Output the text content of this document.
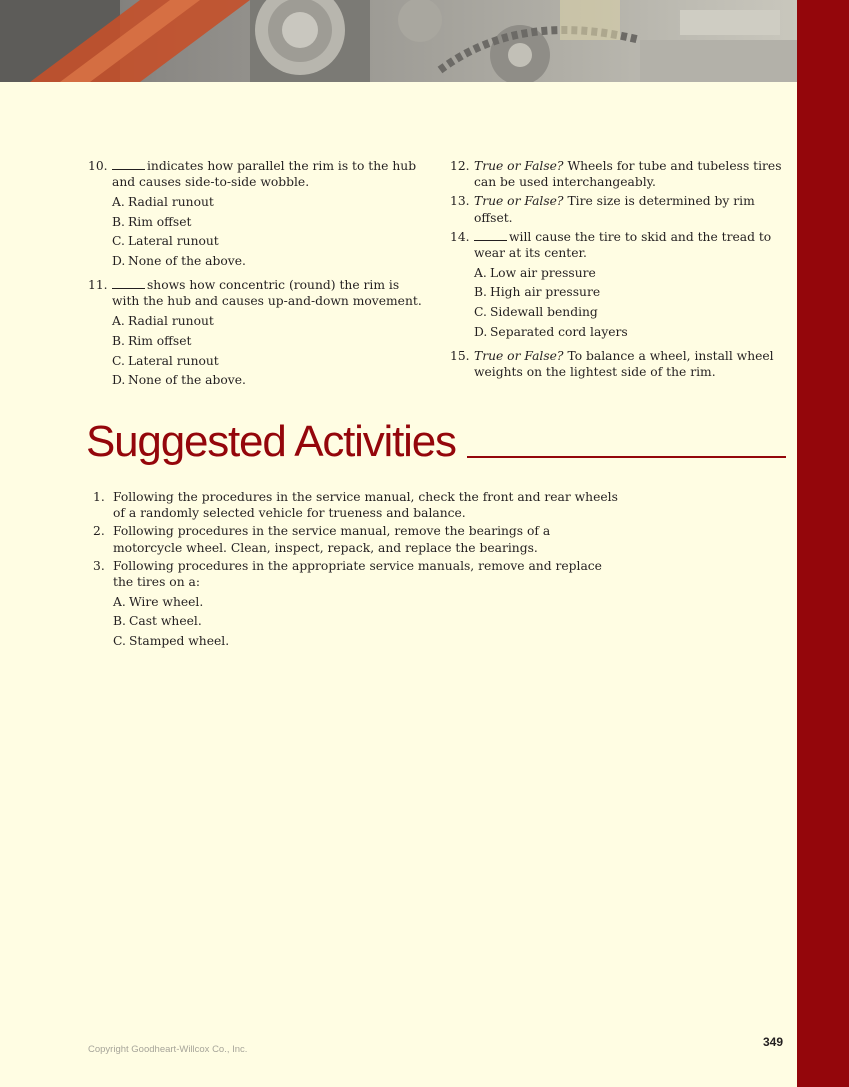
10.	indicates how parallel the rim is to the hub and causes side-to-side wobble.
A. Radial runout
B. Rim offset
C. Lateral runout
D. None of the above.
11.	shows how concentric (round) the rim is with the hub and causes up-and-down movement.
A. Radial runout
B. Rim offset
C. Lateral runout
D. None of the above.
12. True or False? Wheels for tube and tubeless tires can be used interchangeably.
13. True or False? Tire size is determined by rim offset.
14.	will cause the tire to skid and the tread to wear at its center.
A. Low air pressure
B. High air pressure
C. Sidewall bending
D. Separated cord layers
15. True or False? To balance a wheel, install wheel weights on the lightest side of the rim.
Suggested Activities
1. Following the procedures in the service manual, check the front and rear wheels of a randomly selected vehicle for trueness and balance.
2. Following procedures in the service manual, remove the bearings of a motorcycle wheel. Clean, inspect, repack, and replace the bearings.
3. Following procedures in the appropriate service manuals, remove and replace the tires on a:
A. Wire wheel.
B. Cast wheel.
C. Stamped wheel.
Copyright Goodheart-Willcox Co., Inc.
349
